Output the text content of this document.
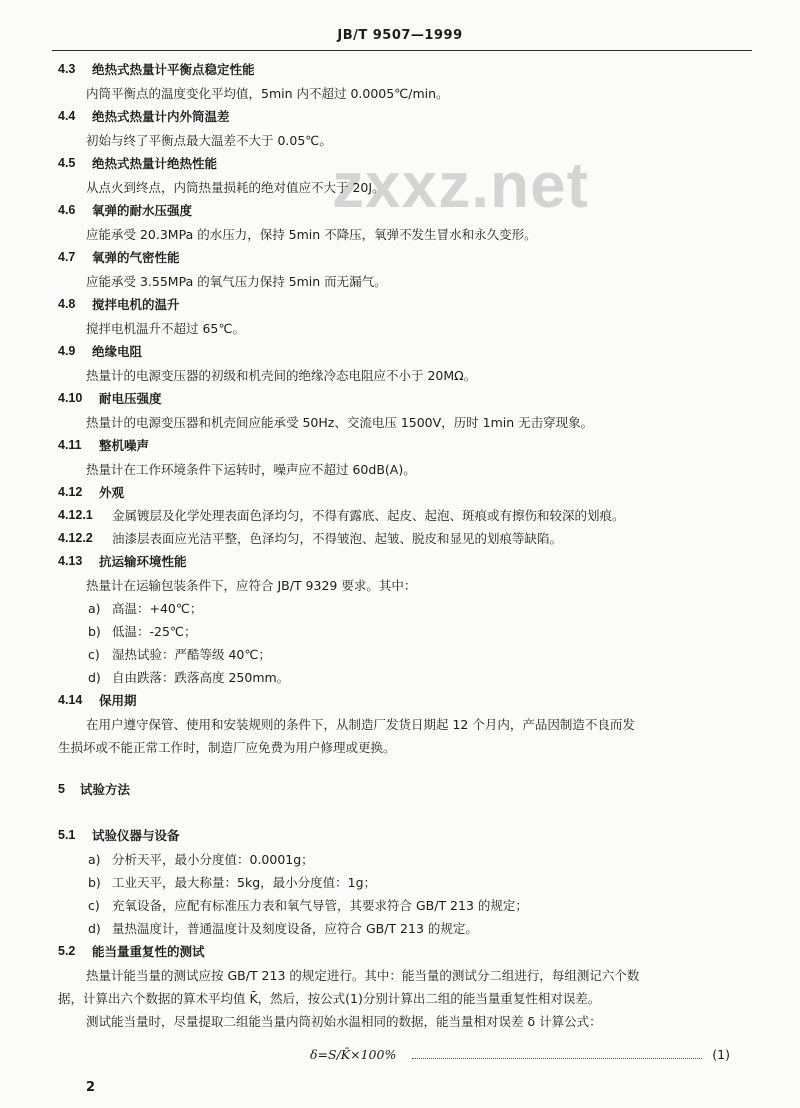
JB/T 9507—1999
zxxz.net
4.3 绝热式热量计平衡点稳定性能
内筒平衡点的温度变化平均值，5min 内不超过 0.0005℃/min。
4.4 绝热式热量计内外筒温差
初始与终了平衡点最大温差不大于 0.05℃。
4.5 绝热式热量计绝热性能
从点火到终点，内筒热量损耗的绝对值应不大于 20J。
4.6 氧弹的耐水压强度
应能承受 20.3MPa 的水压力，保持 5min 不降压，氧弹不发生冒水和永久变形。
4.7 氧弹的气密性能
应能承受 3.55MPa 的氧气压力保持 5min 而无漏气。
4.8 搅拌电机的温升
搅拌电机温升不超过 65℃。
4.9 绝缘电阻
热量计的电源变压器的初级和机壳间的绝缘冷态电阻应不小于 20MΩ。
4.10 耐电压强度
热量计的电源变压器和机壳间应能承受 50Hz、交流电压 1500V，历时 1min 无击穿现象。
4.11 整机噪声
热量计在工作环境条件下运转时，噪声应不超过 60dB(A)。
4.12 外观
4.12.1 金属镀层及化学处理表面色泽均匀，不得有露底、起皮、起泡、斑痕或有擦伤和较深的划痕。
4.12.2 油漆层表面应光洁平整，色泽均匀，不得皱泡、起皱、脱皮和显见的划痕等缺陷。
4.13 抗运输环境性能
热量计在运输包装条件下，应符合 JB/T 9329 要求。其中：
a) 高温：+40℃；
b) 低温：-25℃；
c) 湿热试验：严酷等级 40℃；
d) 自由跌落：跌落高度 250mm。
4.14 保用期
在用户遵守保管、使用和安装规则的条件下，从制造厂发货日期起 12 个月内，产品因制造不良而发
生损坏或不能正常工作时，制造厂应免费为用户修理或更换。
5 试验方法
5.1 试验仪器与设备
a) 分析天平，最小分度值：0.0001g；
b) 工业天平，最大称量：5kg，最小分度值：1g；
c) 充氧设备，应配有标准压力表和氧气导管，其要求符合 GB/T 213 的规定；
d) 量热温度计，普通温度计及刻度设备，应符合 GB/T 213 的规定。
5.2 能当量重复性的测试
热量计能当量的测试应按 GB/T 213 的规定进行。其中：能当量的测试分二组进行，每组测记六个数
据，计算出六个数据的算术平均值 K̄，然后，按公式(1)分别计算出二组的能当量重复性相对误差。
测试能当量时，尽量提取二组能当量内筒初始水温相同的数据，能当量相对误差 δ 计算公式：
δ=S/K̄×100%	(1)
2
